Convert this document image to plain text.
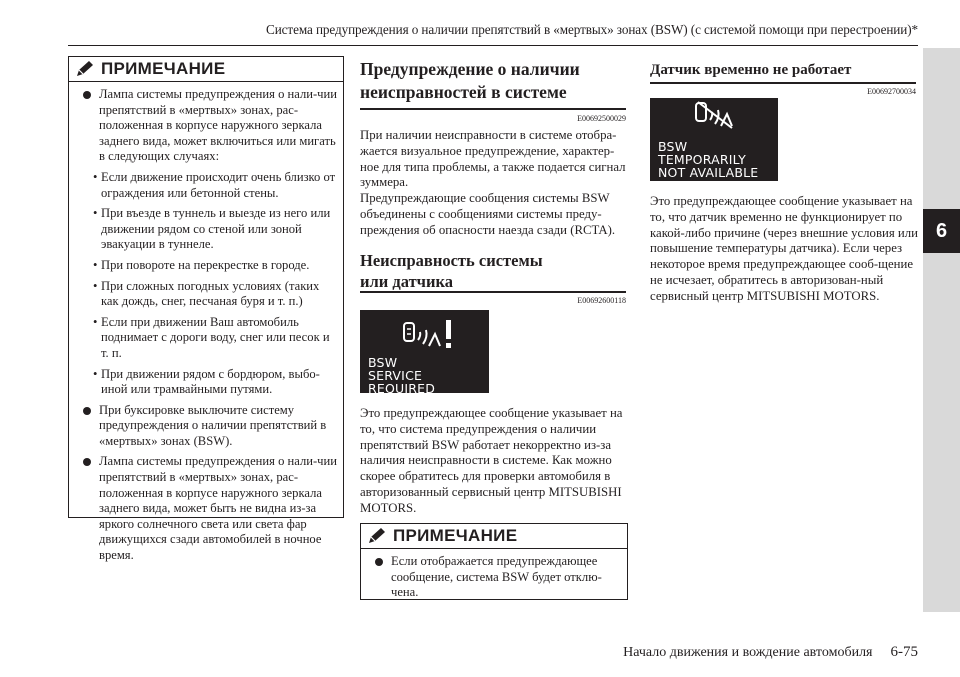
Система предупреждения о наличии препятствий в «мертвых» зонах (BSW) (с системой помощи при перестроении)*
6
ПРИМЕЧАНИЕ

Лампа системы предупреждения о нали-чии препятствий в «мертвых» зонах, рас-положенная в корпусе наружного зеркала заднего вида, может включиться или мигать в следующих случаях:

• Если движение происходит очень близко от ограждения или бетонной стены.

• При въезде в туннель и выезде из него или движении рядом со стеной или зоной эвакуации в туннеле.

• При повороте на перекрестке в городе.

• При сложных погодных условиях (таких как дождь, снег, песчаная буря и т. п.)

• Если при движении Ваш автомобиль поднимает с дороги воду, снег или песок и т. п.

• При движении рядом с бордюром, выбо-иной или трамвайными путями.

При буксировке выключите систему предупреждения о наличии препятствий в «мертвых» зонах (BSW).

Лампа системы предупреждения о нали-чии препятствий в «мертвых» зонах, рас-положенная в корпусе наружного зеркала заднего вида, может быть не видна из-за яркого солнечного света или света фар движущихся сзади автомобилей в ночное время.

Предупреждение о наличии
неисправностей в системе
E00692500029

При наличии неисправности в системе отобра-жается визуальное предупреждение, характер-ное для типа проблемы, а также подается сигнал зуммера.
Предупреждающие сообщения системы BSW объединены с сообщениями системы преду-преждения об опасности наезда сзади (RCTA).

Неисправность системы
или датчика
E00692600118
BSW
SERVICE REQUIRED

Это предупреждающее сообщение указывает на то, что система предупреждения о наличии препятствий BSW работает некорректно из-за наличия неисправности в системе. Как можно скорее обратитесь для проверки автомобиля в авторизованный сервисный центр MITSUBISHI MOTORS.

ПРИМЕЧАНИЕ

Если отображается предупреждающее сообщение, система BSW будет отклю-чена.

Датчик временно не работает
E00692700034
BSW
TEMPORARILY
NOT AVAILABLE

Это предупреждающее сообщение указывает на то, что датчик временно не функционирует по какой-либо причине (через внешние условия или повышение температуры датчика). Если через некоторое время предупреждающее сооб-щение не исчезает, обратитесь в авторизован-ный сервисный центр MITSUBISHI MOTORS.

Начало движения и вождение автомобиля 6-75
